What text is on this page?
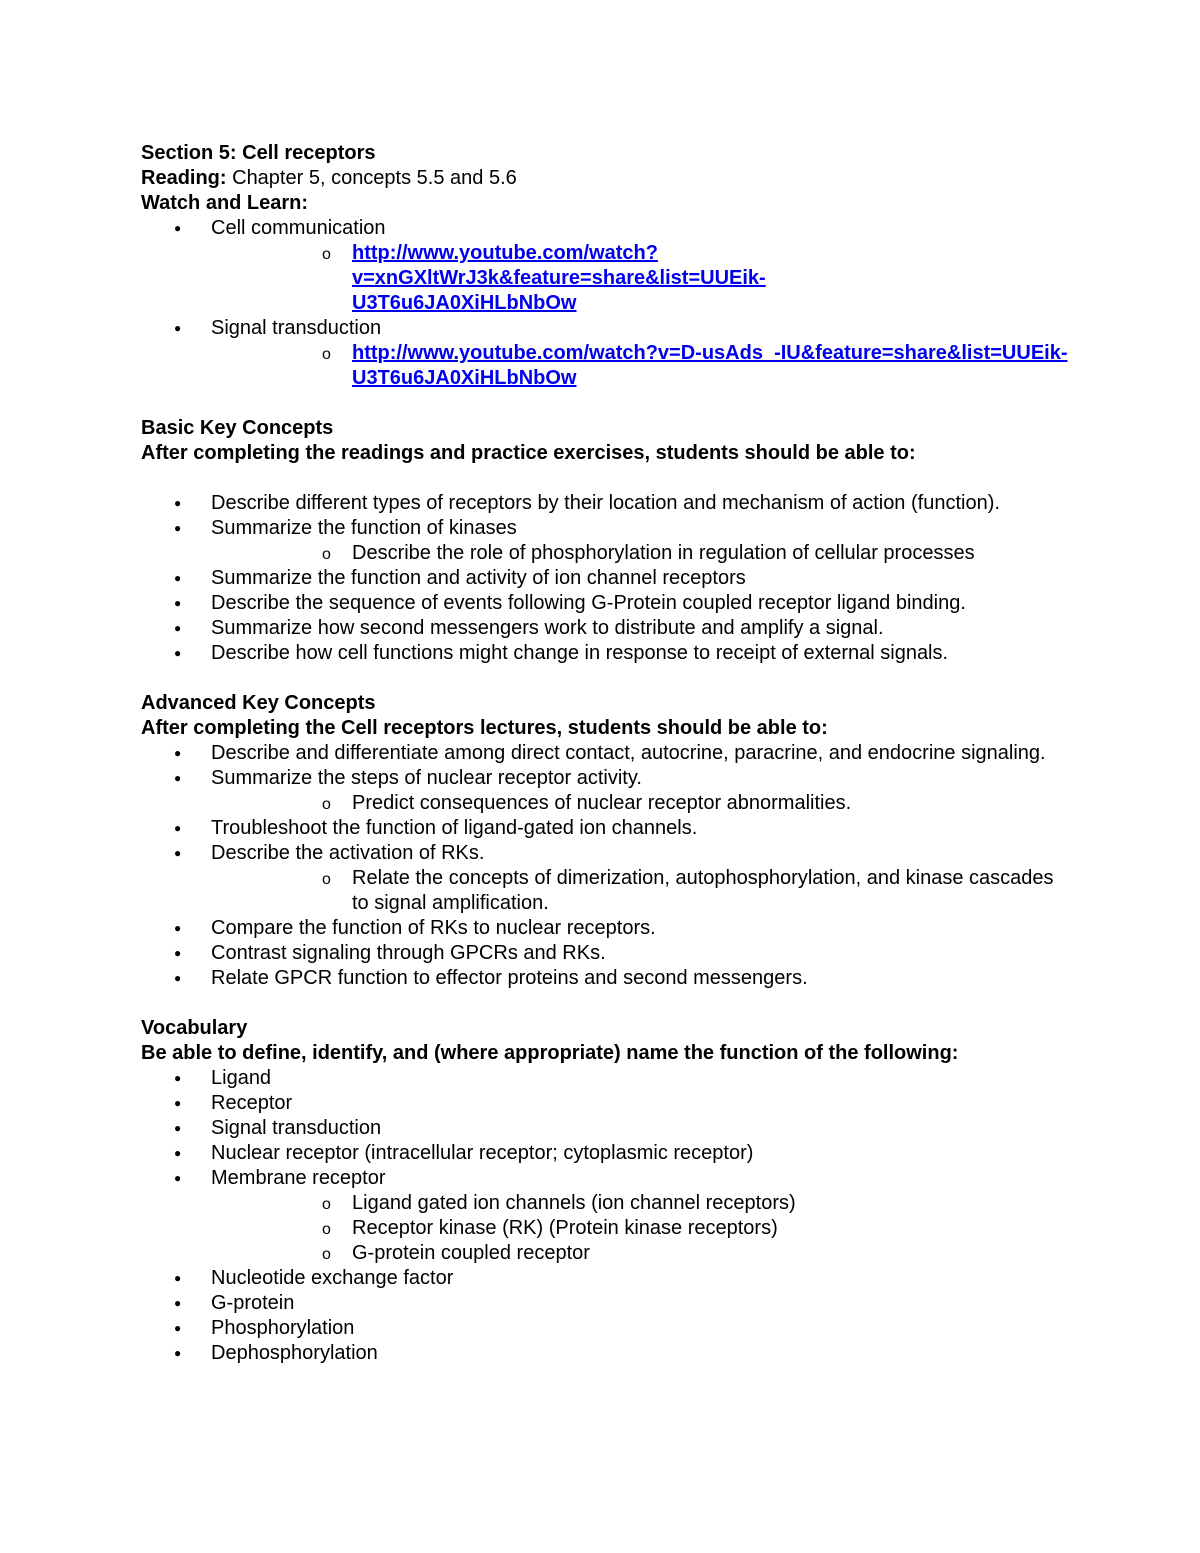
Section 5: Cell receptors
Reading: Chapter 5, concepts 5.5 and 5.6
Watch and Learn:
● Cell communication
o http://www.youtube.com/watch?v=xnGXltWrJ3k&feature=share&list=UUEik-
U3T6u6JA0XiHLbNbOw
● Signal transduction
o http://www.youtube.com/watch?v=D-usAds_-IU&feature=share&list=UUEik-
U3T6u6JA0XiHLbNbOw
Basic Key Concepts
After completing the readings and practice exercises, students should be able to:
● Describe different types of receptors by their location and mechanism of action (function).
● Summarize the function of kinases
o Describe the role of phosphorylation in regulation of cellular processes
● Summarize the function and activity of ion channel receptors
● Describe the sequence of events following G-Protein coupled receptor ligand binding.
● Summarize how second messengers work to distribute and amplify a signal.
● Describe how cell functions might change in response to receipt of external signals.
Advanced Key Concepts
After completing the Cell receptors lectures, students should be able to:
● Describe and differentiate among direct contact, autocrine, paracrine, and endocrine signaling.
● Summarize the steps of nuclear receptor activity.
o Predict consequences of nuclear receptor abnormalities.
● Troubleshoot the function of ligand-gated ion channels.
● Describe the activation of RKs.
o Relate the concepts of dimerization, autophosphorylation, and kinase cascades to signal amplification.
● Compare the function of RKs to nuclear receptors.
● Contrast signaling through GPCRs and RKs.
● Relate GPCR function to effector proteins and second messengers.
Vocabulary
Be able to define, identify, and (where appropriate) name the function of the following:
● Ligand
● Receptor
● Signal transduction
● Nuclear receptor (intracellular receptor; cytoplasmic receptor)
● Membrane receptor
o Ligand gated ion channels (ion channel receptors)
o Receptor kinase (RK) (Protein kinase receptors)
o G-protein coupled receptor
● Nucleotide exchange factor
● G-protein
● Phosphorylation
● Dephosphorylation
